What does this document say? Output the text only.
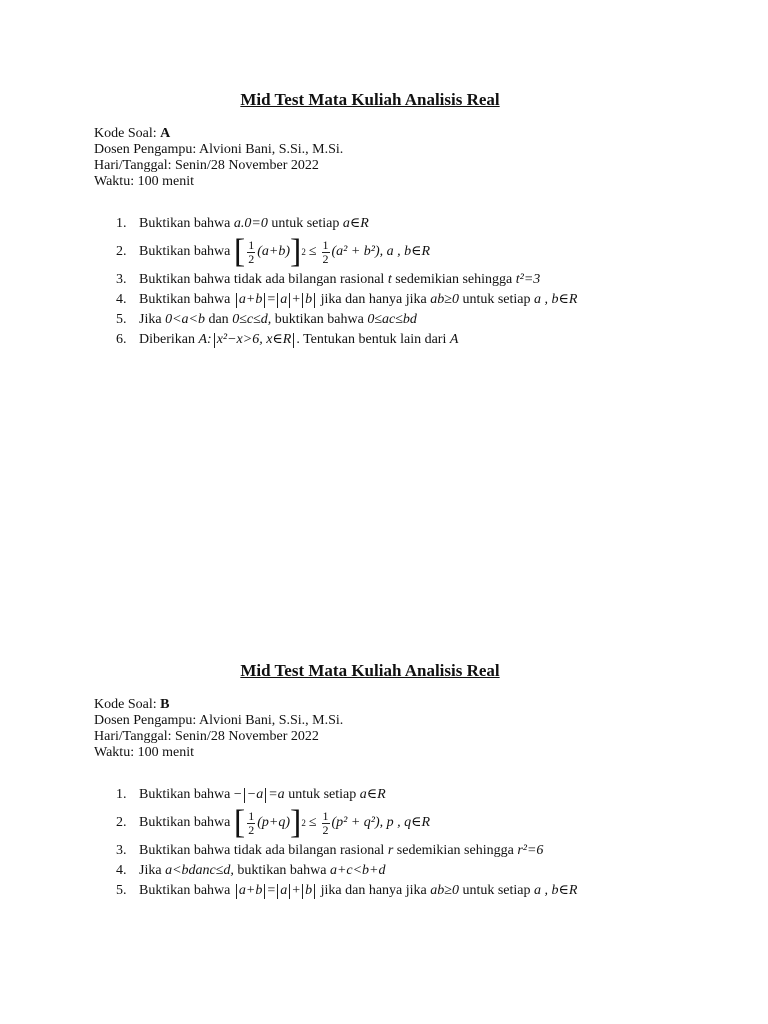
Mid Test Mata Kuliah Analisis Real
Kode Soal: A
Dosen Pengampu: Alvioni Bani, S.Si., M.Si.
Hari/Tanggal: Senin/28 November 2022
Waktu: 100 menit
1. Buktikan bahwa
a.0=0
untuk setiap
a∈R
2. Buktikan bahwa
[ $\frac{1}{2} (a+b)$ ] $2 \le \frac{1}{2} (a^2 + b^2)$, a , b∈R
3. Buktikan bahwa tidak ada bilangan rasional
t
sedemikian sehingga
t²=3
4. Buktikan bahwa
a+b = a + b
jika dan hanya jika
ab≥0
untuk setiap
a , b∈R
5. Jika
0<a<b
dan
0≤c≤d,
buktikan bahwa
0≤ac≤bd
6. Diberikan
A: x²−x>6, x∈R . Tentukan bentuk lain dari
A
Mid Test Mata Kuliah Analisis Real
Kode Soal: B
Dosen Pengampu: Alvioni Bani, S.Si., M.Si.
Hari/Tanggal: Senin/28 November 2022
Waktu: 100 menit
1. Buktikan bahwa
− −a =a
untuk setiap
a∈R
2. Buktikan bahwa
[ $\frac{1}{2} (p+q)$ ] $2 \le \frac{1}{2} (p^2 + q^2)$, p , q∈R
3. Buktikan bahwa tidak ada bilangan rasional
r
sedemikian sehingga
r²=6
4. Jika
a<bdanc≤d,
buktikan bahwa
a+c<b+d
5. Buktikan bahwa
a+b = a + b
jika dan hanya jika
ab≥0
untuk setiap
a , b∈R
